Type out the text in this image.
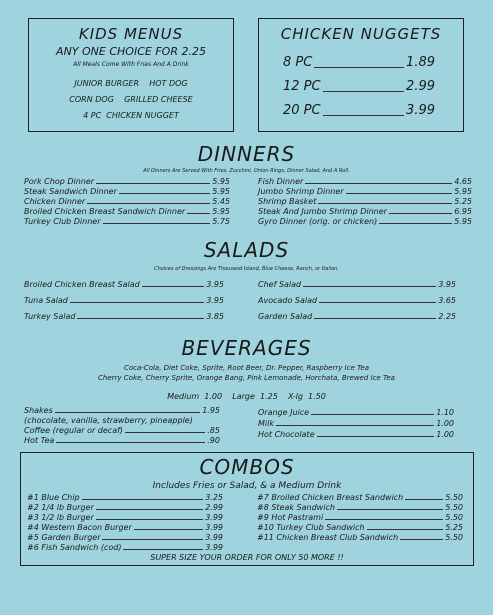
KIDS MENUS
ANY ONE CHOICE FOR 2.25
All Meals Come With Fries And A Drink
JUNIOR BURGER    HOT DOG
CORN DOG    GRILLED CHEESE
4 PC  CHICKEN NUGGET
CHICKEN NUGGETS
8 PC	1.89
12 PC	2.99
20 PC	3.99
DINNERS
All Dinners Are Served With Fries, Zucchini, Onion Rings, Dinner Salad, And A Roll.
Pork Chop Dinner	5.95
Steak Sandwich Dinner	5.95
Chicken Dinner	5.45
Broiled Chicken Breast Sandwich Dinner	5.95
Turkey Club Dinner	5.75
Fish Dinner	4.65
Jumbo Shrimp Dinner	5.95
Shrimp Basket	5.25
Steak And Jumbo Shrimp Dinner	6.95
Gyro Dinner (orig. or chicken)	5.95
SALADS
Choices of Dressings Are Thousand Island, Blue Cheese, Ranch, or Italian.
Broiled Chicken Breast Salad	3.95
Tuna Salad	3.95
Turkey Salad	3.85
Chef Salad	3.95
Avocado Salad	3.65
Garden Salad	2.25
BEVERAGES
Coca-Cola, Diet Coke, Sprite, Root Beer, Dr. Pepper, Raspberry Ice Tea
Cherry Coke, Cherry Sprite, Orange Bang, Pink Lemonade, Horchata, Brewed Ice Tea
Medium  1.00    Large  1.25    X-lg  1.50
Shakes	1.95
(chocolate, vanilla, strawberry, pineapple)
Coffee (regular or decaf)	.85
Hot Tea	.90
Orange Juice	1.10
Milk	1.00
Hot Chocolate	1.00
COMBOS
Includes Fries or Salad, & a Medium Drink
#1 Blue Chip	3.25
#2 1/4 lb Burger	2.99
#3 1/2 lb Burger	3.99
#4 Western Bacon Burger	3.99
#5 Garden Burger	3.99
#6 Fish Sandwich (cod)	3.99
#7 Broiled Chicken Breast Sandwich	5.50
#8 Steak Sandwich	5.50
#9 Hot Pastrami	5.50
#10 Turkey Club Sandwich	5.25
#11 Chicken Breast Club Sandwich	5.50
SUPER SIZE YOUR ORDER FOR ONLY 50 MORE !!
